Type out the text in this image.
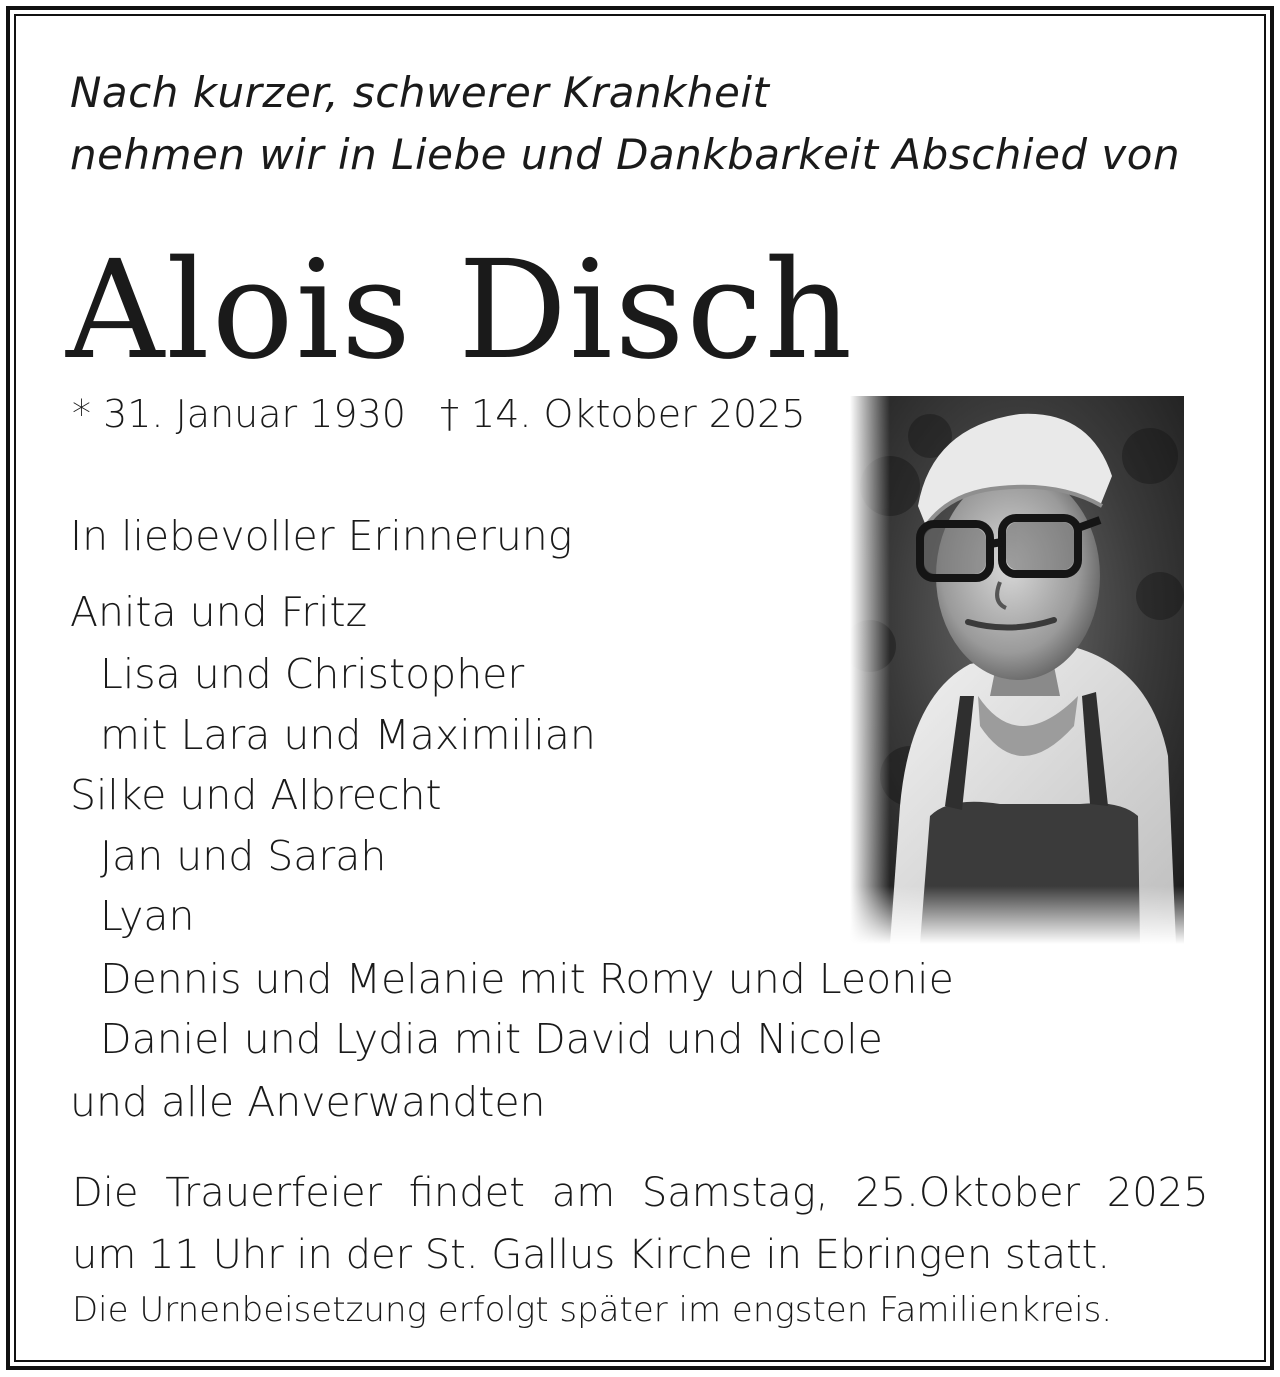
Nach kurzer, schwerer Krankheit
nehmen wir in Liebe und Dankbarkeit Abschied von
Alois Disch
* 31. Januar 1930 † 14. Oktober 2025
In liebevoller Erinnerung
Anita und Fritz
Lisa und Christopher
mit Lara und Maximilian
Silke und Albrecht
Jan und Sarah
Lyan
Dennis und Melanie mit Romy und Leonie
Daniel und Lydia mit David und Nicole
und alle Anverwandten
Die Trauerfeier findet am Samstag, 25.Oktober 2025
um 11 Uhr in der St. Gallus Kirche in Ebringen statt.
Die Urnenbeisetzung erfolgt später im engsten Familienkreis.
